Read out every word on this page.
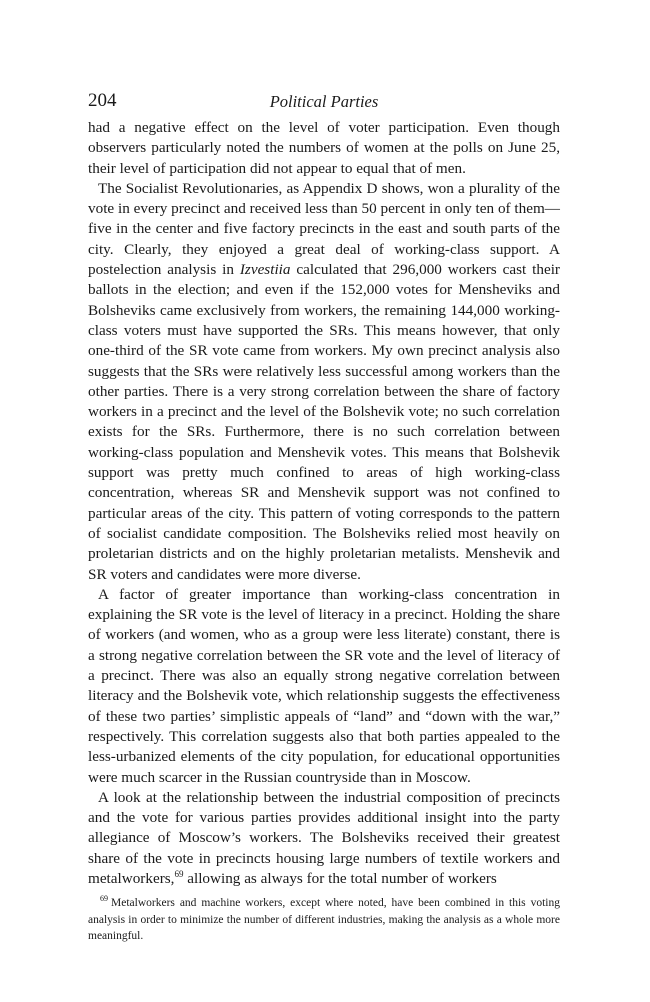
Political Parties
204

had a negative effect on the level of voter participation. Even though observers particularly noted the numbers of women at the polls on June 25, their level of participation did not appear to equal that of men.

The Socialist Revolutionaries, as Appendix D shows, won a plurality of the vote in every precinct and received less than 50 percent in only ten of them—five in the center and five factory precincts in the east and south parts of the city. Clearly, they enjoyed a great deal of working-class support. A postelection analysis in Izvestiia calculated that 296,000 workers cast their ballots in the election; and even if the 152,000 votes for Mensheviks and Bolsheviks came exclusively from workers, the remaining 144,000 working-class voters must have supported the SRs. This means however, that only one-third of the SR vote came from workers. My own precinct analysis also suggests that the SRs were relatively less successful among workers than the other parties. There is a very strong correlation between the share of factory workers in a precinct and the level of the Bolshevik vote; no such correlation exists for the SRs. Furthermore, there is no such correlation between working-class population and Menshevik votes. This means that Bolshevik support was pretty much confined to areas of high working-class concentration, whereas SR and Menshevik support was not confined to particular areas of the city. This pattern of voting corresponds to the pattern of socialist candidate composition. The Bolsheviks relied most heavily on proletarian districts and on the highly proletarian metalists. Menshevik and SR voters and candidates were more diverse.

A factor of greater importance than working-class concentration in explaining the SR vote is the level of literacy in a precinct. Holding the share of workers (and women, who as a group were less literate) constant, there is a strong negative correlation between the SR vote and the level of literacy of a precinct. There was also an equally strong negative correlation between literacy and the Bolshevik vote, which relationship suggests the effectiveness of these two parties’ simplistic appeals of “land” and “down with the war,” respectively. This correlation suggests also that both parties appealed to the less-urbanized elements of the city population, for educational opportunities were much scarcer in the Russian countryside than in Moscow.

A look at the relationship between the industrial composition of precincts and the vote for various parties provides additional insight into the party allegiance of Moscow’s workers. The Bolsheviks received their greatest share of the vote in precincts housing large numbers of textile workers and metalworkers,$^{69}$ allowing as always for the total number of workers

$^{69}$ Metalworkers and machine workers, except where noted, have been combined in this voting analysis in order to minimize the number of different industries, making the analysis as a whole more meaningful.
